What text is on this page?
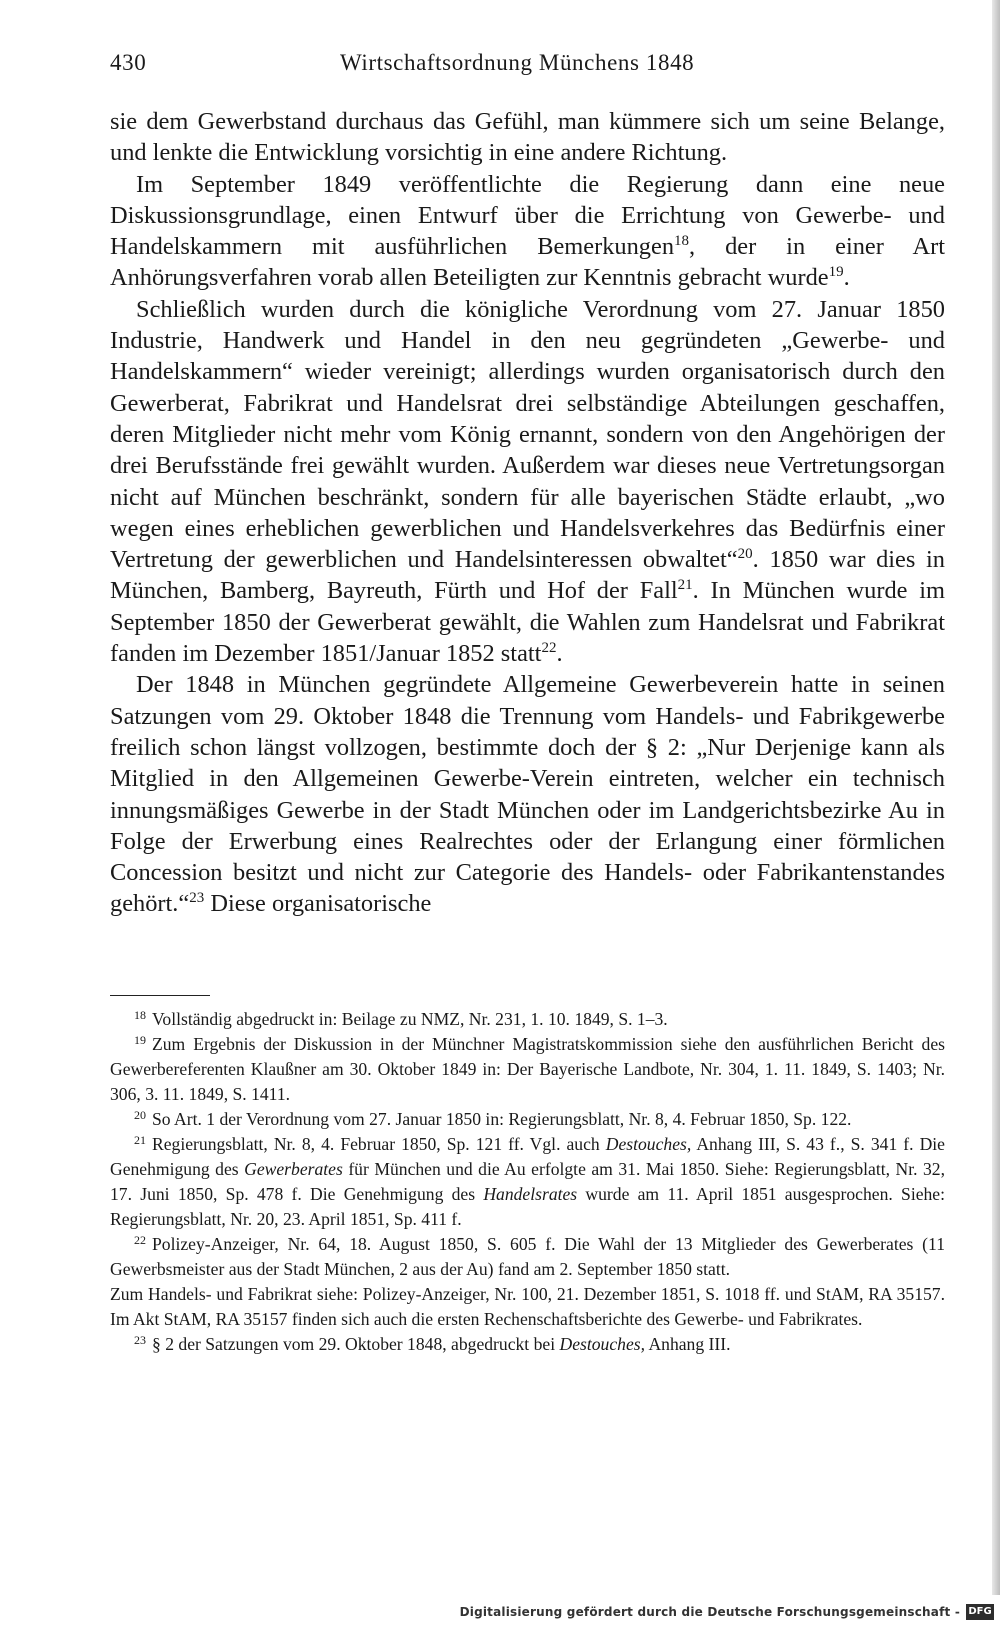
430	Wirtschaftsordnung Münchens 1848

sie dem Gewerbstand durchaus das Gefühl, man kümmere sich um seine Belange, und lenkte die Entwicklung vorsichtig in eine andere Richtung.

Im September 1849 veröffentlichte die Regierung dann eine neue Diskussionsgrundlage, einen Entwurf über die Errichtung von Gewerbe- und Handelskammern mit ausführlichen Bemerkungen$^{18}$, der in einer Art Anhörungsverfahren vorab allen Beteiligten zur Kenntnis gebracht wurde$^{19}$.

Schließlich wurden durch die königliche Verordnung vom 27. Januar 1850 Industrie, Handwerk und Handel in den neu gegründeten „Gewerbe- und Handelskammern“ wieder vereinigt; allerdings wurden organisatorisch durch den Gewerberat, Fabrikrat und Handelsrat drei selbständige Abteilungen geschaffen, deren Mitglieder nicht mehr vom König ernannt, sondern von den Angehörigen der drei Berufsstände frei gewählt wurden. Außerdem war dieses neue Vertretungsorgan nicht auf München beschränkt, sondern für alle bayerischen Städte erlaubt, „wo wegen eines erheblichen gewerblichen und Handelsverkehres das Bedürfnis einer Vertretung der gewerblichen und Handelsinteressen obwaltet“$^{20}$. 1850 war dies in München, Bamberg, Bayreuth, Fürth und Hof der Fall$^{21}$. In München wurde im September 1850 der Gewerberat gewählt, die Wahlen zum Handelsrat und Fabrikrat fanden im Dezember 1851/Januar 1852 statt$^{22}$.

Der 1848 in München gegründete Allgemeine Gewerbeverein hatte in seinen Satzungen vom 29. Oktober 1848 die Trennung vom Handels- und Fabrikgewerbe freilich schon längst vollzogen, bestimmte doch der § 2: „Nur Derjenige kann als Mitglied in den Allgemeinen Gewerbe-Verein eintreten, welcher ein technisch innungsmäßiges Gewerbe in der Stadt München oder im Landgerichtsbezirke Au in Folge der Erwerbung eines Realrechtes oder der Erlangung einer förmlichen Concession besitzt und nicht zur Categorie des Handels- oder Fabrikantenstandes gehört.“$^{23}$ Diese organisatorische

$^{18}$ Vollständig abgedruckt in: Beilage zu NMZ, Nr. 231, 1. 10. 1849, S. 1–3.

$^{19}$ Zum Ergebnis der Diskussion in der Münchner Magistratskommission siehe den ausführlichen Bericht des Gewerbereferenten Klaußner am 30. Oktober 1849 in: Der Bayerische Landbote, Nr. 304, 1. 11. 1849, S. 1403; Nr. 306, 3. 11. 1849, S. 1411.

$^{20}$ So Art. 1 der Verordnung vom 27. Januar 1850 in: Regierungsblatt, Nr. 8, 4. Februar 1850, Sp. 122.

$^{21}$ Regierungsblatt, Nr. 8, 4. Februar 1850, Sp. 121 ff. Vgl. auch Destouches, Anhang III, S. 43 f., S. 341 f. Die Genehmigung des Gewerberates für München und die Au erfolgte am 31. Mai 1850. Siehe: Regierungsblatt, Nr. 32, 17. Juni 1850, Sp. 478 f. Die Genehmigung des Handelsrates wurde am 11. April 1851 ausgesprochen. Siehe: Regierungsblatt, Nr. 20, 23. April 1851, Sp. 411 f.

$^{22}$ Polizey-Anzeiger, Nr. 64, 18. August 1850, S. 605 f. Die Wahl der 13 Mitglieder des Gewerberates (11 Gewerbsmeister aus der Stadt München, 2 aus der Au) fand am 2. September 1850 statt.

Zum Handels- und Fabrikrat siehe: Polizey-Anzeiger, Nr. 100, 21. Dezember 1851, S. 1018 ff. und StAM, RA 35157. Im Akt StAM, RA 35157 finden sich auch die ersten Rechenschaftsberichte des Gewerbe- und Fabrikrates.

$^{23}$ § 2 der Satzungen vom 29. Oktober 1848, abgedruckt bei Destouches, Anhang III.

Digitalisierung gefördert durch die Deutsche Forschungsgemeinschaft - DFG
